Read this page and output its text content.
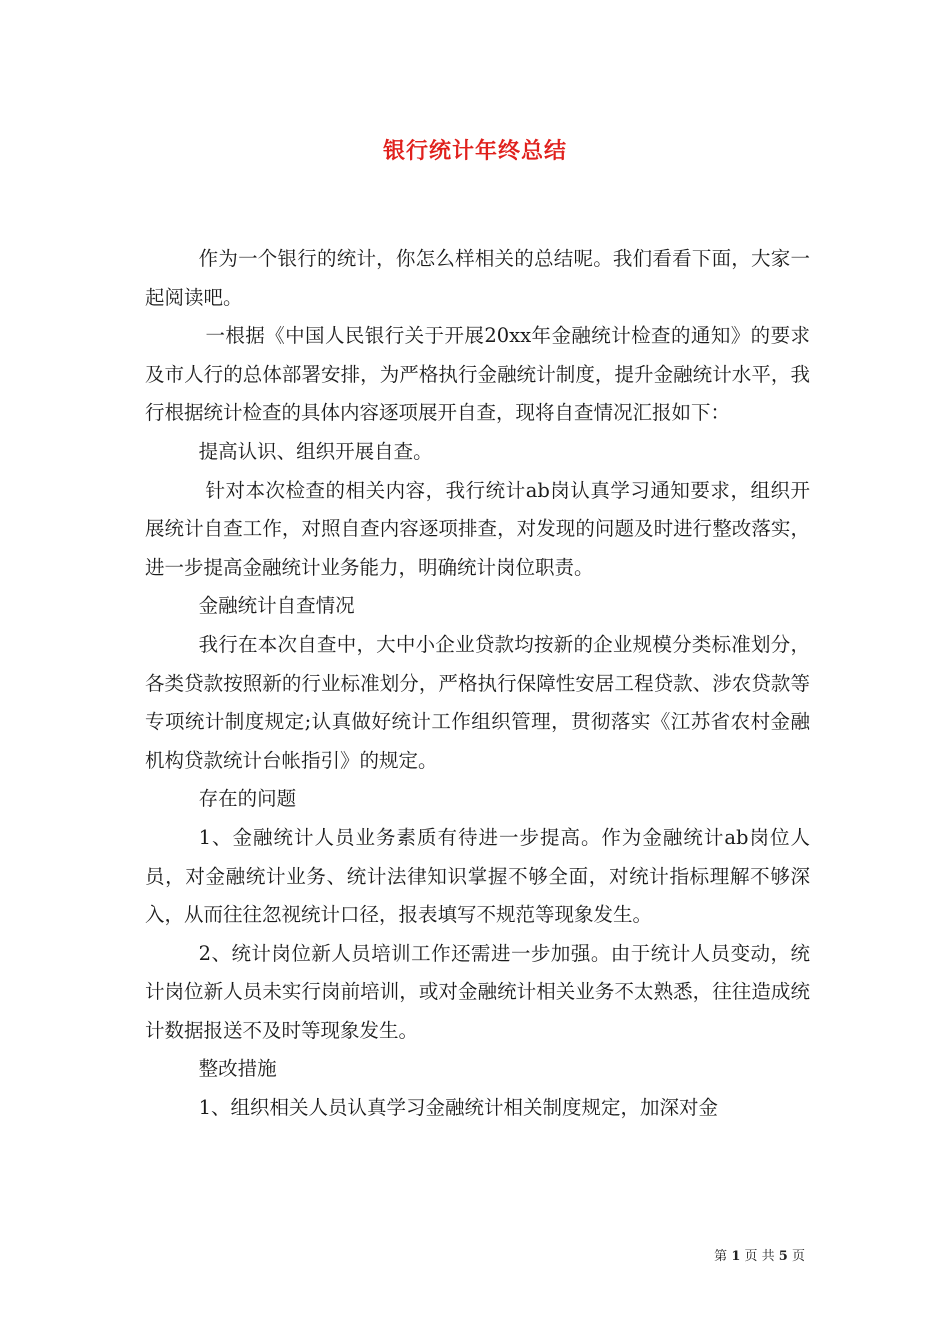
银行统计年终总结

作为一个银行的统计，你怎么样相关的总结呢。我们看看下面，大家一起阅读吧。

一根据《中国人民银行关于开展20xx年金融统计检查的通知》的要求及市人行的总体部署安排，为严格执行金融统计制度，提升金融统计水平，我行根据统计检查的具体内容逐项展开自查，现将自查情况汇报如下：

提高认识、组织开展自查。

针对本次检查的相关内容，我行统计ab岗认真学习通知要求，组织开展统计自查工作，对照自查内容逐项排查，对发现的问题及时进行整改落实，进一步提高金融统计业务能力，明确统计岗位职责。

金融统计自查情况

我行在本次自查中，大中小企业贷款均按新的企业规模分类标准划分，各类贷款按照新的行业标准划分，严格执行保障性安居工程贷款、涉农贷款等专项统计制度规定;认真做好统计工作组织管理，贯彻落实《江苏省农村金融机构贷款统计台帐指引》的规定。

存在的问题

1、金融统计人员业务素质有待进一步提高。作为金融统计ab岗位人员，对金融统计业务、统计法律知识掌握不够全面，对统计指标理解不够深入，从而往往忽视统计口径，报表填写不规范等现象发生。

2、统计岗位新人员培训工作还需进一步加强。由于统计人员变动，统计岗位新人员未实行岗前培训，或对金融统计相关业务不太熟悉，往往造成统计数据报送不及时等现象发生。

整改措施

1、组织相关人员认真学习金融统计相关制度规定，加深对金

第 1 页 共 5 页
